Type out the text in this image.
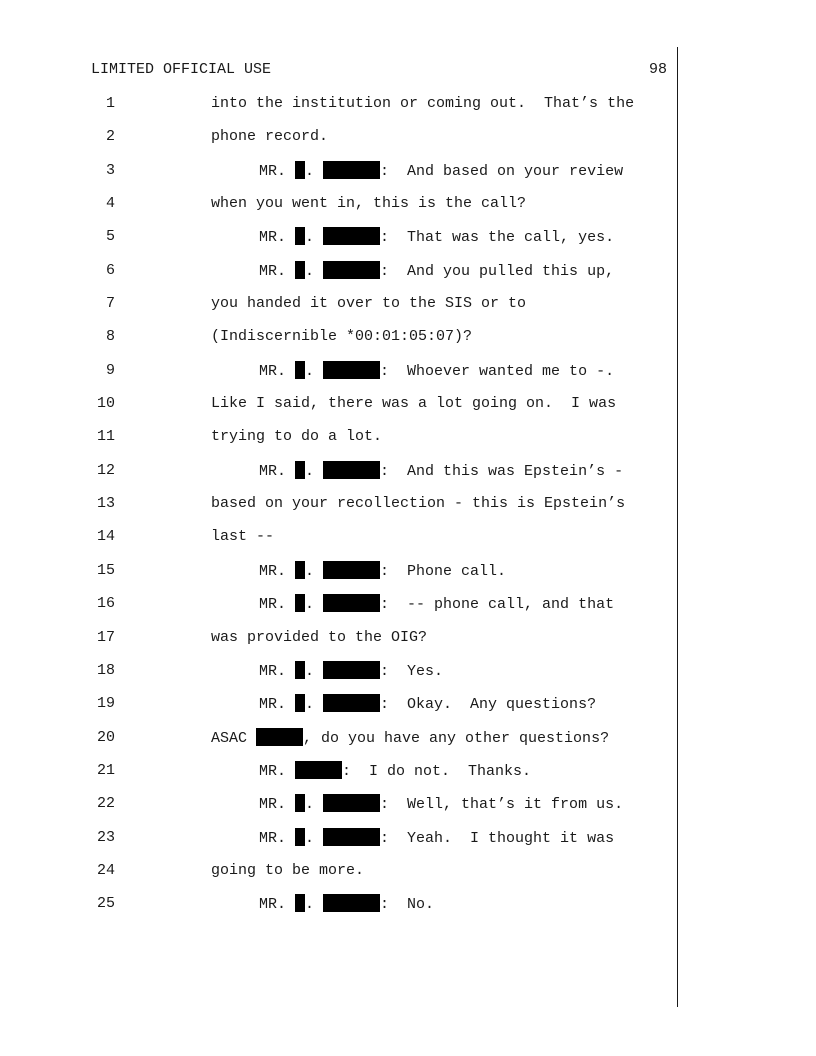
LIMITED OFFICIAL USE	98
1	into the institution or coming out.  That’s the
2	phone record.
3	MR. .	:  And based on your review
4	when you went in, this is the call?
5	MR. .	:  That was the call, yes.
6	MR. .	:  And you pulled this up,
7	you handed it over to the SIS or to
8	(Indiscernible *00:01:05:07)?
9	MR. .	:  Whoever wanted me to -.
10	Like I said, there was a lot going on.  I was
11	trying to do a lot.
12	MR. .	:  And this was Epstein’s -
13	based on your recollection - this is Epstein’s
14	last --
15	MR. .	:  Phone call.
16	MR. .	:  -- phone call, and that
17	was provided to the OIG?
18	MR. .	:  Yes.
19	MR. .	:  Okay.  Any questions?
20	ASAC	, do you have any other questions?
21	MR.	:  I do not.  Thanks.
22	MR. .	:  Well, that’s it from us.
23	MR. .	:  Yeah.  I thought it was
24	going to be more.
25	MR. .	:  No.
